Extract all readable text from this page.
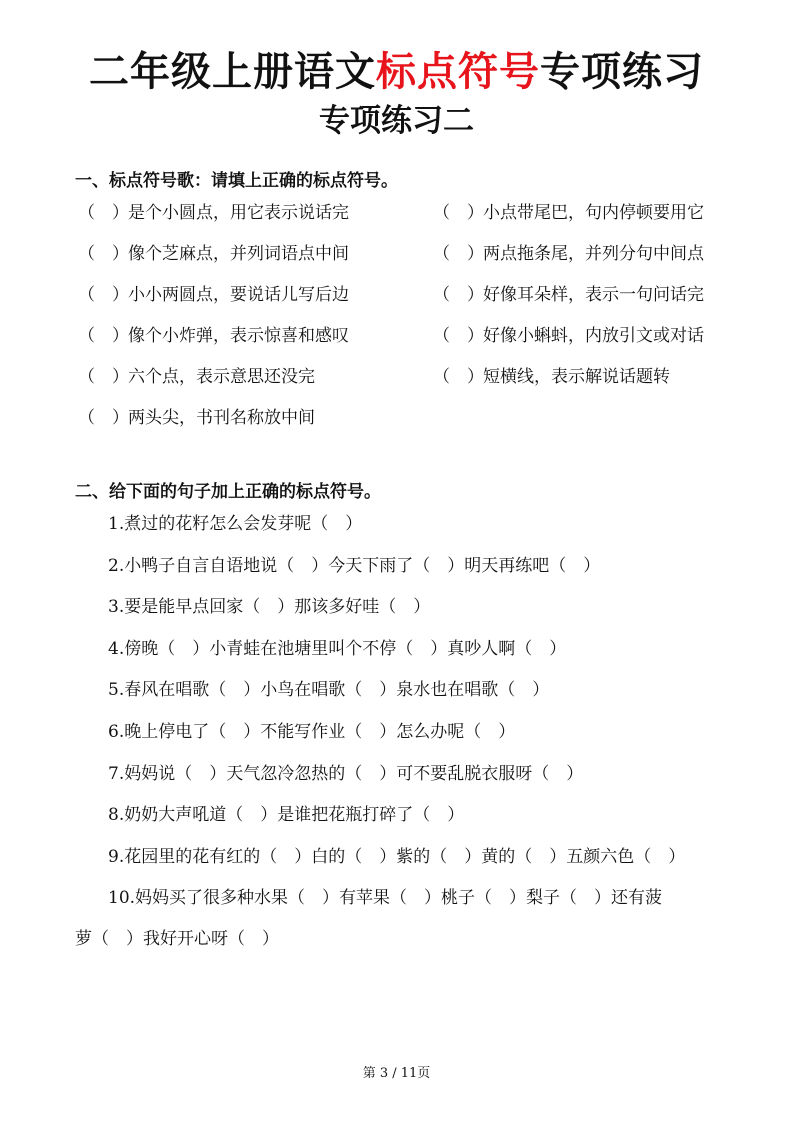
二年级上册语文标点符号专项练习
专项练习二
一、标点符号歌：请填上正确的标点符号。
（　）是个小圆点，用它表示说话完	（　）小点带尾巴，句内停顿要用它
（　）像个芝麻点，并列词语点中间	（　）两点拖条尾，并列分句中间点
（　）小小两圆点，要说话儿写后边	（　）好像耳朵样，表示一句问话完
（　）像个小炸弹，表示惊喜和感叹	（　）好像小蝌蚪，内放引文或对话
（　）六个点，表示意思还没完	（　）短横线，表示解说话题转
（　）两头尖，书刊名称放中间
二、给下面的句子加上正确的标点符号。
1.煮过的花籽怎么会发芽呢（　）
2.小鸭子自言自语地说（　）今天下雨了（　）明天再练吧（　）
3.要是能早点回家（　）那该多好哇（　）
4.傍晚（　）小青蛙在池塘里叫个不停（　）真吵人啊（　）
5.春风在唱歌（　）小鸟在唱歌（　）泉水也在唱歌（　）
6.晚上停电了（　）不能写作业（　）怎么办呢（　）
7.妈妈说（　）天气忽冷忽热的（　）可不要乱脱衣服呀（　）
8.奶奶大声吼道（　）是谁把花瓶打碎了（　）
9.花园里的花有红的（　）白的（　）紫的（　）黄的（　）五颜六色（　）
10.妈妈买了很多种水果（　）有苹果（　）桃子（　）梨子（　）还有菠
萝（　）我好开心呀（　）
第 3 / 11页
